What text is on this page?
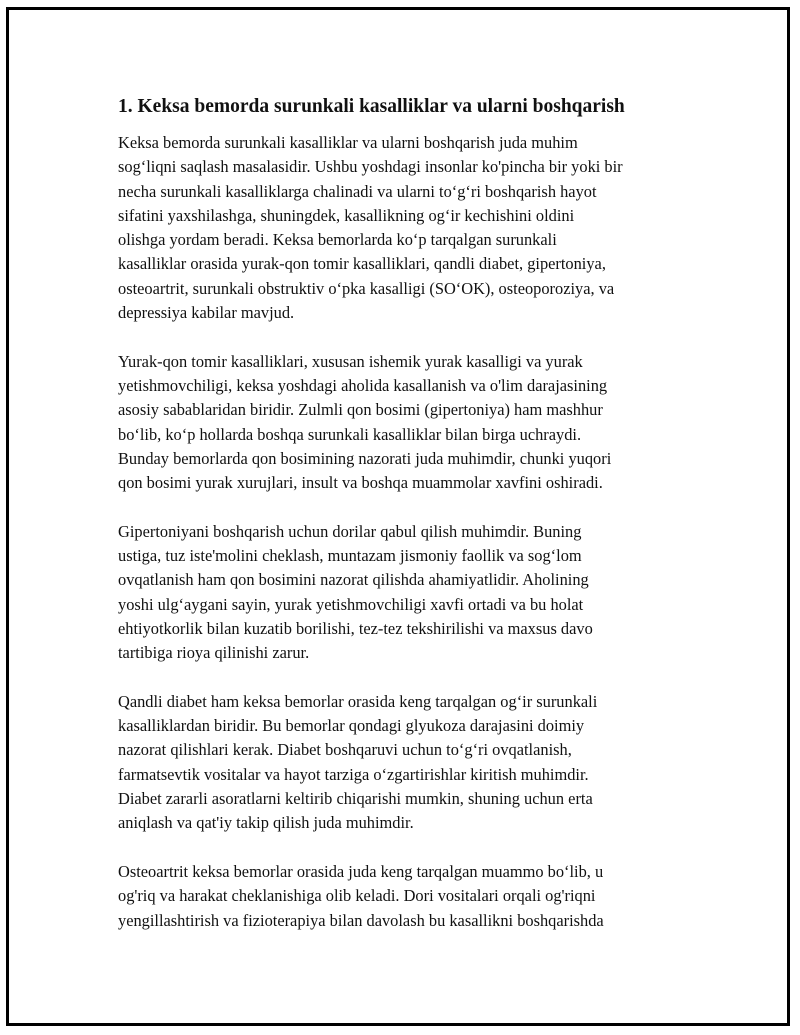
1. Keksa bemorda surunkali kasalliklar va ularni boshqarish
Keksa bemorda surunkali kasalliklar va ularni boshqarish juda muhim
sog‘liqni saqlash masalasidir. Ushbu yoshdagi insonlar ko'pincha bir yoki bir
necha surunkali kasalliklarga chalinadi va ularni to‘g‘ri boshqarish hayot
sifatini yaxshilashga, shuningdek, kasallikning og‘ir kechishini oldini
olishga yordam beradi. Keksa bemorlarda ko‘p tarqalgan surunkali
kasalliklar orasida yurak-qon tomir kasalliklari, qandli diabet, gipertoniya,
osteoartrit, surunkali obstruktiv o‘pka kasalligi (SO‘OK), osteoporoziya, va
depressiya kabilar mavjud.
Yurak-qon tomir kasalliklari, xususan ishemik yurak kasalligi va yurak
yetishmovchiligi, keksa yoshdagi aholida kasallanish va o'lim darajasining
asosiy sabablaridan biridir. Zulmli qon bosimi (gipertoniya) ham mashhur
bo‘lib, ko‘p hollarda boshqa surunkali kasalliklar bilan birga uchraydi.
Bunday bemorlarda qon bosimining nazorati juda muhimdir, chunki yuqori
qon bosimi yurak xurujlari, insult va boshqa muammolar xavfini oshiradi.
Gipertoniyani boshqarish uchun dorilar qabul qilish muhimdir. Buning
ustiga, tuz iste'molini cheklash, muntazam jismoniy faollik va sog‘lom
ovqatlanish ham qon bosimini nazorat qilishda ahamiyatlidir. Aholining
yoshi ulg‘aygani sayin, yurak yetishmovchiligi xavfi ortadi va bu holat
ehtiyotkorlik bilan kuzatib borilishi, tez-tez tekshirilishi va maxsus davo
tartibiga rioya qilinishi zarur.
Qandli diabet ham keksa bemorlar orasida keng tarqalgan og‘ir surunkali
kasalliklardan biridir. Bu bemorlar qondagi glyukoza darajasini doimiy
nazorat qilishlari kerak. Diabet boshqaruvi uchun to‘g‘ri ovqatlanish,
farmatsevtik vositalar va hayot tarziga o‘zgartirishlar kiritish muhimdir.
Diabet zararli asoratlarni keltirib chiqarishi mumkin, shuning uchun erta
aniqlash va qat'iy takip qilish juda muhimdir.
Osteoartrit keksa bemorlar orasida juda keng tarqalgan muammo bo‘lib, u
og'riq va harakat cheklanishiga olib keladi. Dori vositalari orqali og'riqni
yengillashtirish va fizioterapiya bilan davolash bu kasallikni boshqarishda
